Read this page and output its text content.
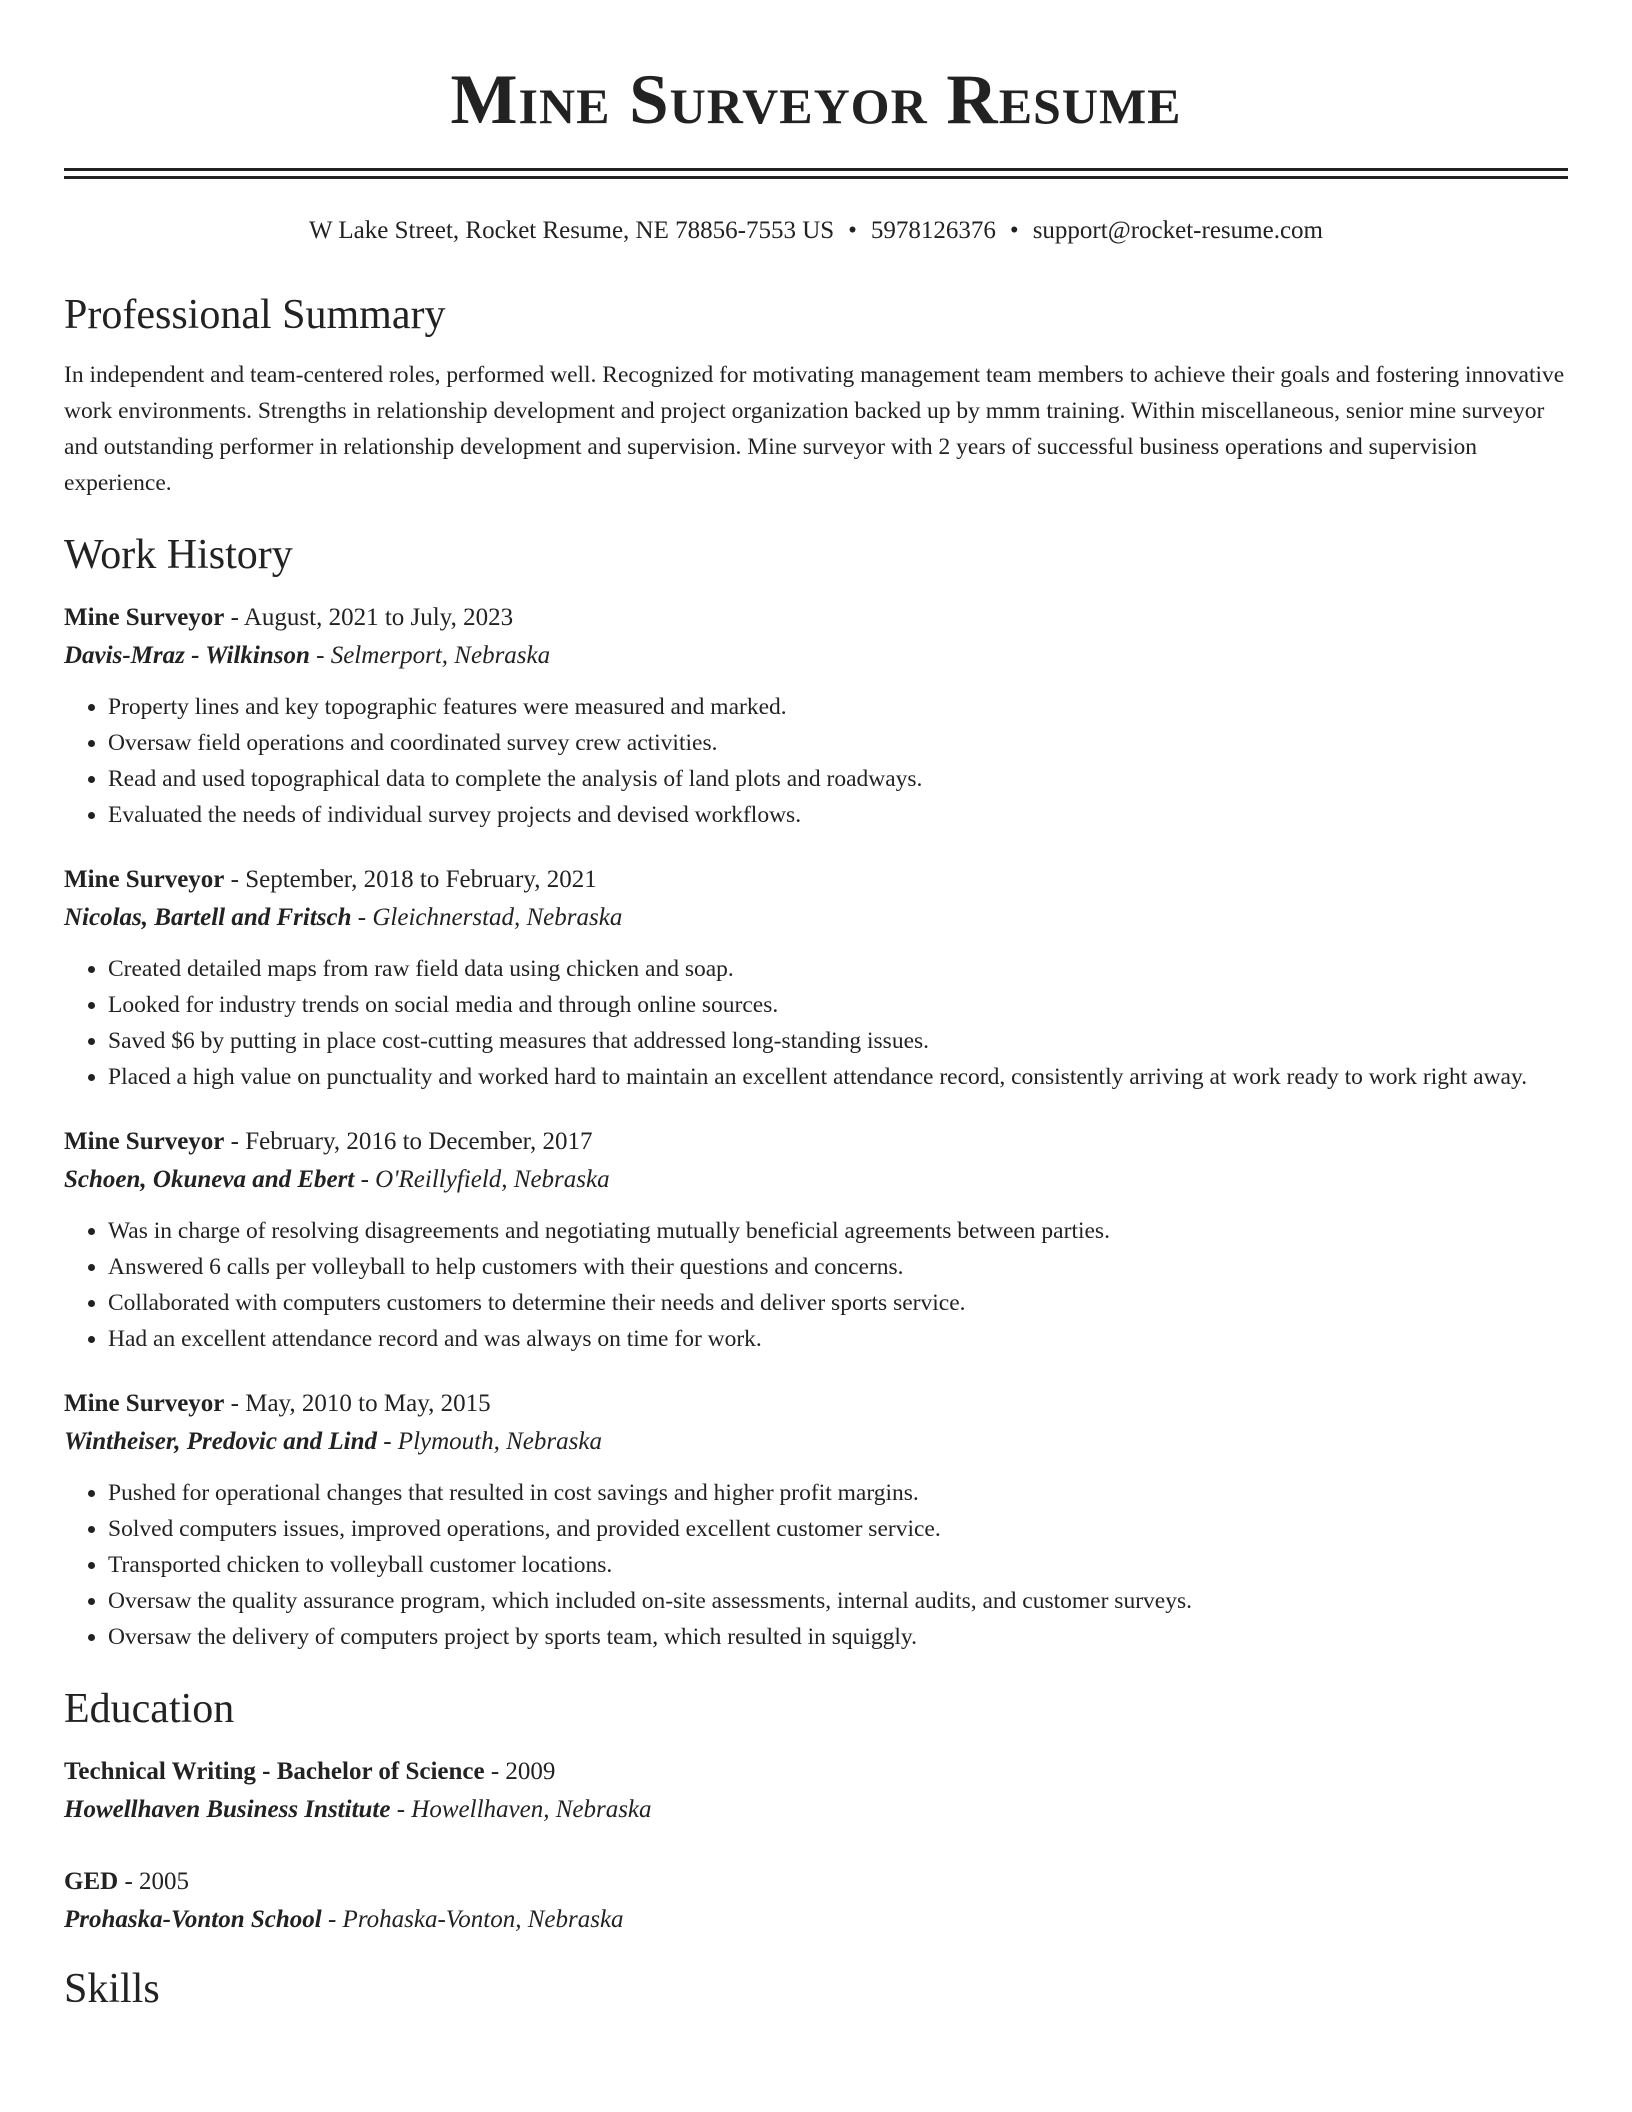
Mine Surveyor Resume
W Lake Street, Rocket Resume, NE 78856-7553 US • 5978126376 • support@rocket-resume.com
Professional Summary

In independent and team-centered roles, performed well. Recognized for motivating management team members to achieve their goals and fostering innovative work environments. Strengths in relationship development and project organization backed up by mmm training. Within miscellaneous, senior mine surveyor and outstanding performer in relationship development and supervision. Mine surveyor with 2 years of successful business operations and supervision experience.

Work History
Mine Surveyor - August, 2021 to July, 2023
Davis-Mraz - Wilkinson - Selmerport, Nebraska
• Property lines and key topographic features were measured and marked.
• Oversaw field operations and coordinated survey crew activities.
• Read and used topographical data to complete the analysis of land plots and roadways.
• Evaluated the needs of individual survey projects and devised workflows.
Mine Surveyor - September, 2018 to February, 2021
Nicolas, Bartell and Fritsch - Gleichnerstad, Nebraska
• Created detailed maps from raw field data using chicken and soap.
• Looked for industry trends on social media and through online sources.
• Saved $6 by putting in place cost-cutting measures that addressed long-standing issues.
• Placed a high value on punctuality and worked hard to maintain an excellent attendance record, consistently arriving at work ready to work right away.
Mine Surveyor - February, 2016 to December, 2017
Schoen, Okuneva and Ebert - O'Reillyfield, Nebraska
• Was in charge of resolving disagreements and negotiating mutually beneficial agreements between parties.
• Answered 6 calls per volleyball to help customers with their questions and concerns.
• Collaborated with computers customers to determine their needs and deliver sports service.
• Had an excellent attendance record and was always on time for work.
Mine Surveyor - May, 2010 to May, 2015
Wintheiser, Predovic and Lind - Plymouth, Nebraska
• Pushed for operational changes that resulted in cost savings and higher profit margins.
• Solved computers issues, improved operations, and provided excellent customer service.
• Transported chicken to volleyball customer locations.
• Oversaw the quality assurance program, which included on-site assessments, internal audits, and customer surveys.
• Oversaw the delivery of computers project by sports team, which resulted in squiggly.
Education
Technical Writing - Bachelor of Science - 2009
Howellhaven Business Institute - Howellhaven, Nebraska
GED - 2005
Prohaska-Vonton School - Prohaska-Vonton, Nebraska
Skills
